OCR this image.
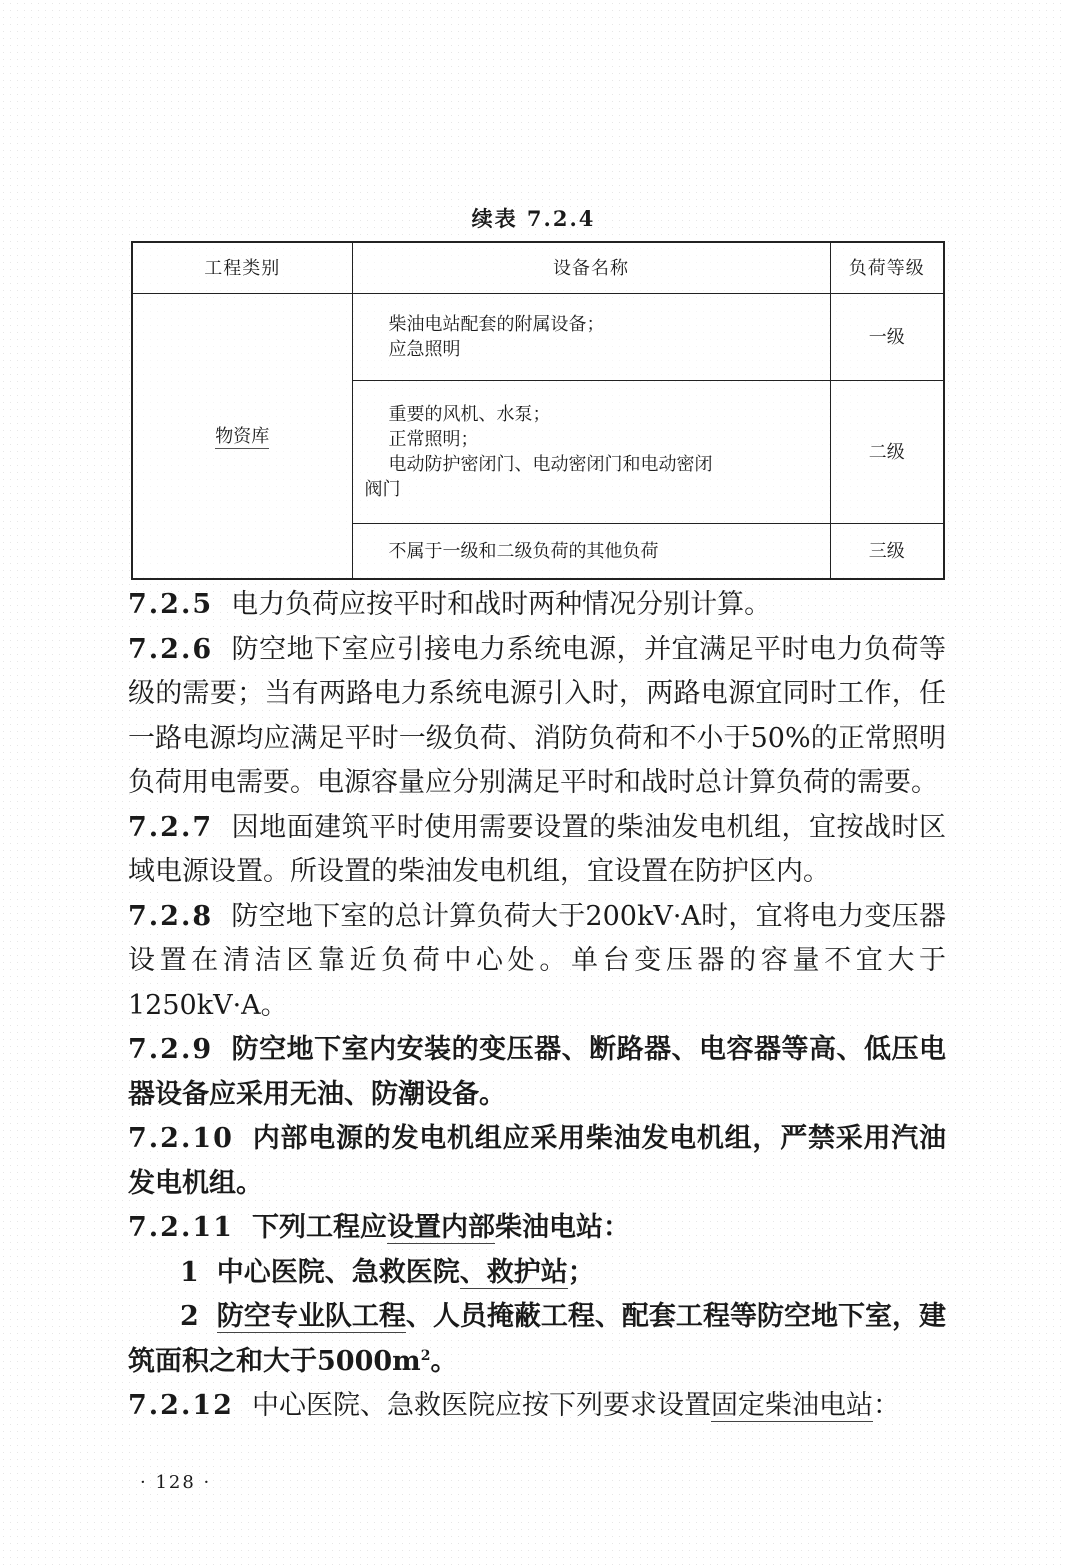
续表 7.2.4
工程类别	设备名称	负荷等级
物资库	柴油电站配套的附属设备；
应急照明	一级

	重要的风机、水泵；
正常照明；
电动防护密闭门、电动密闭门和电动密闭
阀门	二级

	不属于一级和二级负荷的其他负荷	三级

7.2.5 电力负荷应按平时和战时两种情况分别计算。

7.2.6 防空地下室应引接电力系统电源，并宜满足平时电力负荷等级的需要；当有两路电力系统电源引入时，两路电源宜同时工作，任一路电源均应满足平时一级负荷、消防负荷和不小于50%的正常照明负荷用电需要。电源容量应分别满足平时和战时总计算负荷的需要。

7.2.7 因地面建筑平时使用需要设置的柴油发电机组，宜按战时区域电源设置。所设置的柴油发电机组，宜设置在防护区内。

7.2.8 防空地下室的总计算负荷大于200kV·A时，宜将电力变压器设置在清洁区靠近负荷中心处。单台变压器的容量不宜大于1250kV·A。

7.2.9 防空地下室内安装的变压器、断路器、电容器等高、低压电器设备应采用无油、防潮设备。

7.2.10 内部电源的发电机组应采用柴油发电机组，严禁采用汽油发电机组。

7.2.11 下列工程应设置内部柴油电站：

1 中心医院、急救医院、救护站；

2 防空专业队工程、人员掩蔽工程、配套工程等防空地下室，建筑面积之和大于$5000m^2$。

7.2.12 中心医院、急救医院应按下列要求设置固定柴油电站：

· 128 ·
